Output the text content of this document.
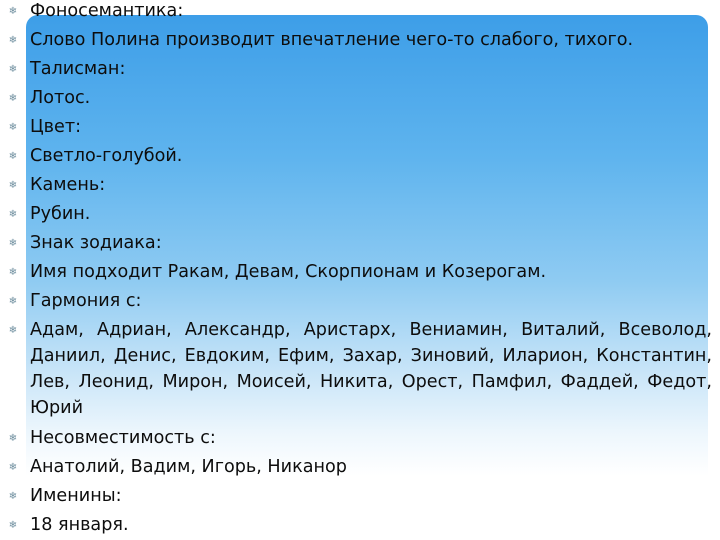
❄ Фоносемантика:
❄ Слово Полина производит впечатление чего-то слабого, тихого.
❄ Талисман:
❄ Лотос.
❄ Цвет:
❄ Светло-голубой.
❄ Камень:
❄ Рубин.
❄ Знак зодиака:
❄ Имя подходит Ракам, Девам, Скорпионам и Козерогам.
❄ Гармония с:
❄ Адам, Адриан, Александр, Аристарх, Вениамин, Виталий, Всеволод, Даниил, Денис, Евдоким, Ефим, Захар, Зиновий, Иларион, Константин, Лев, Леонид, Мирон, Моисей, Никита, Орест, Памфил, Фаддей, Федот, Юрий
❄ Несовместимость с:
❄ Анатолий, Вадим, Игорь, Никанор
❄ Именины:
❄ 18 января.
